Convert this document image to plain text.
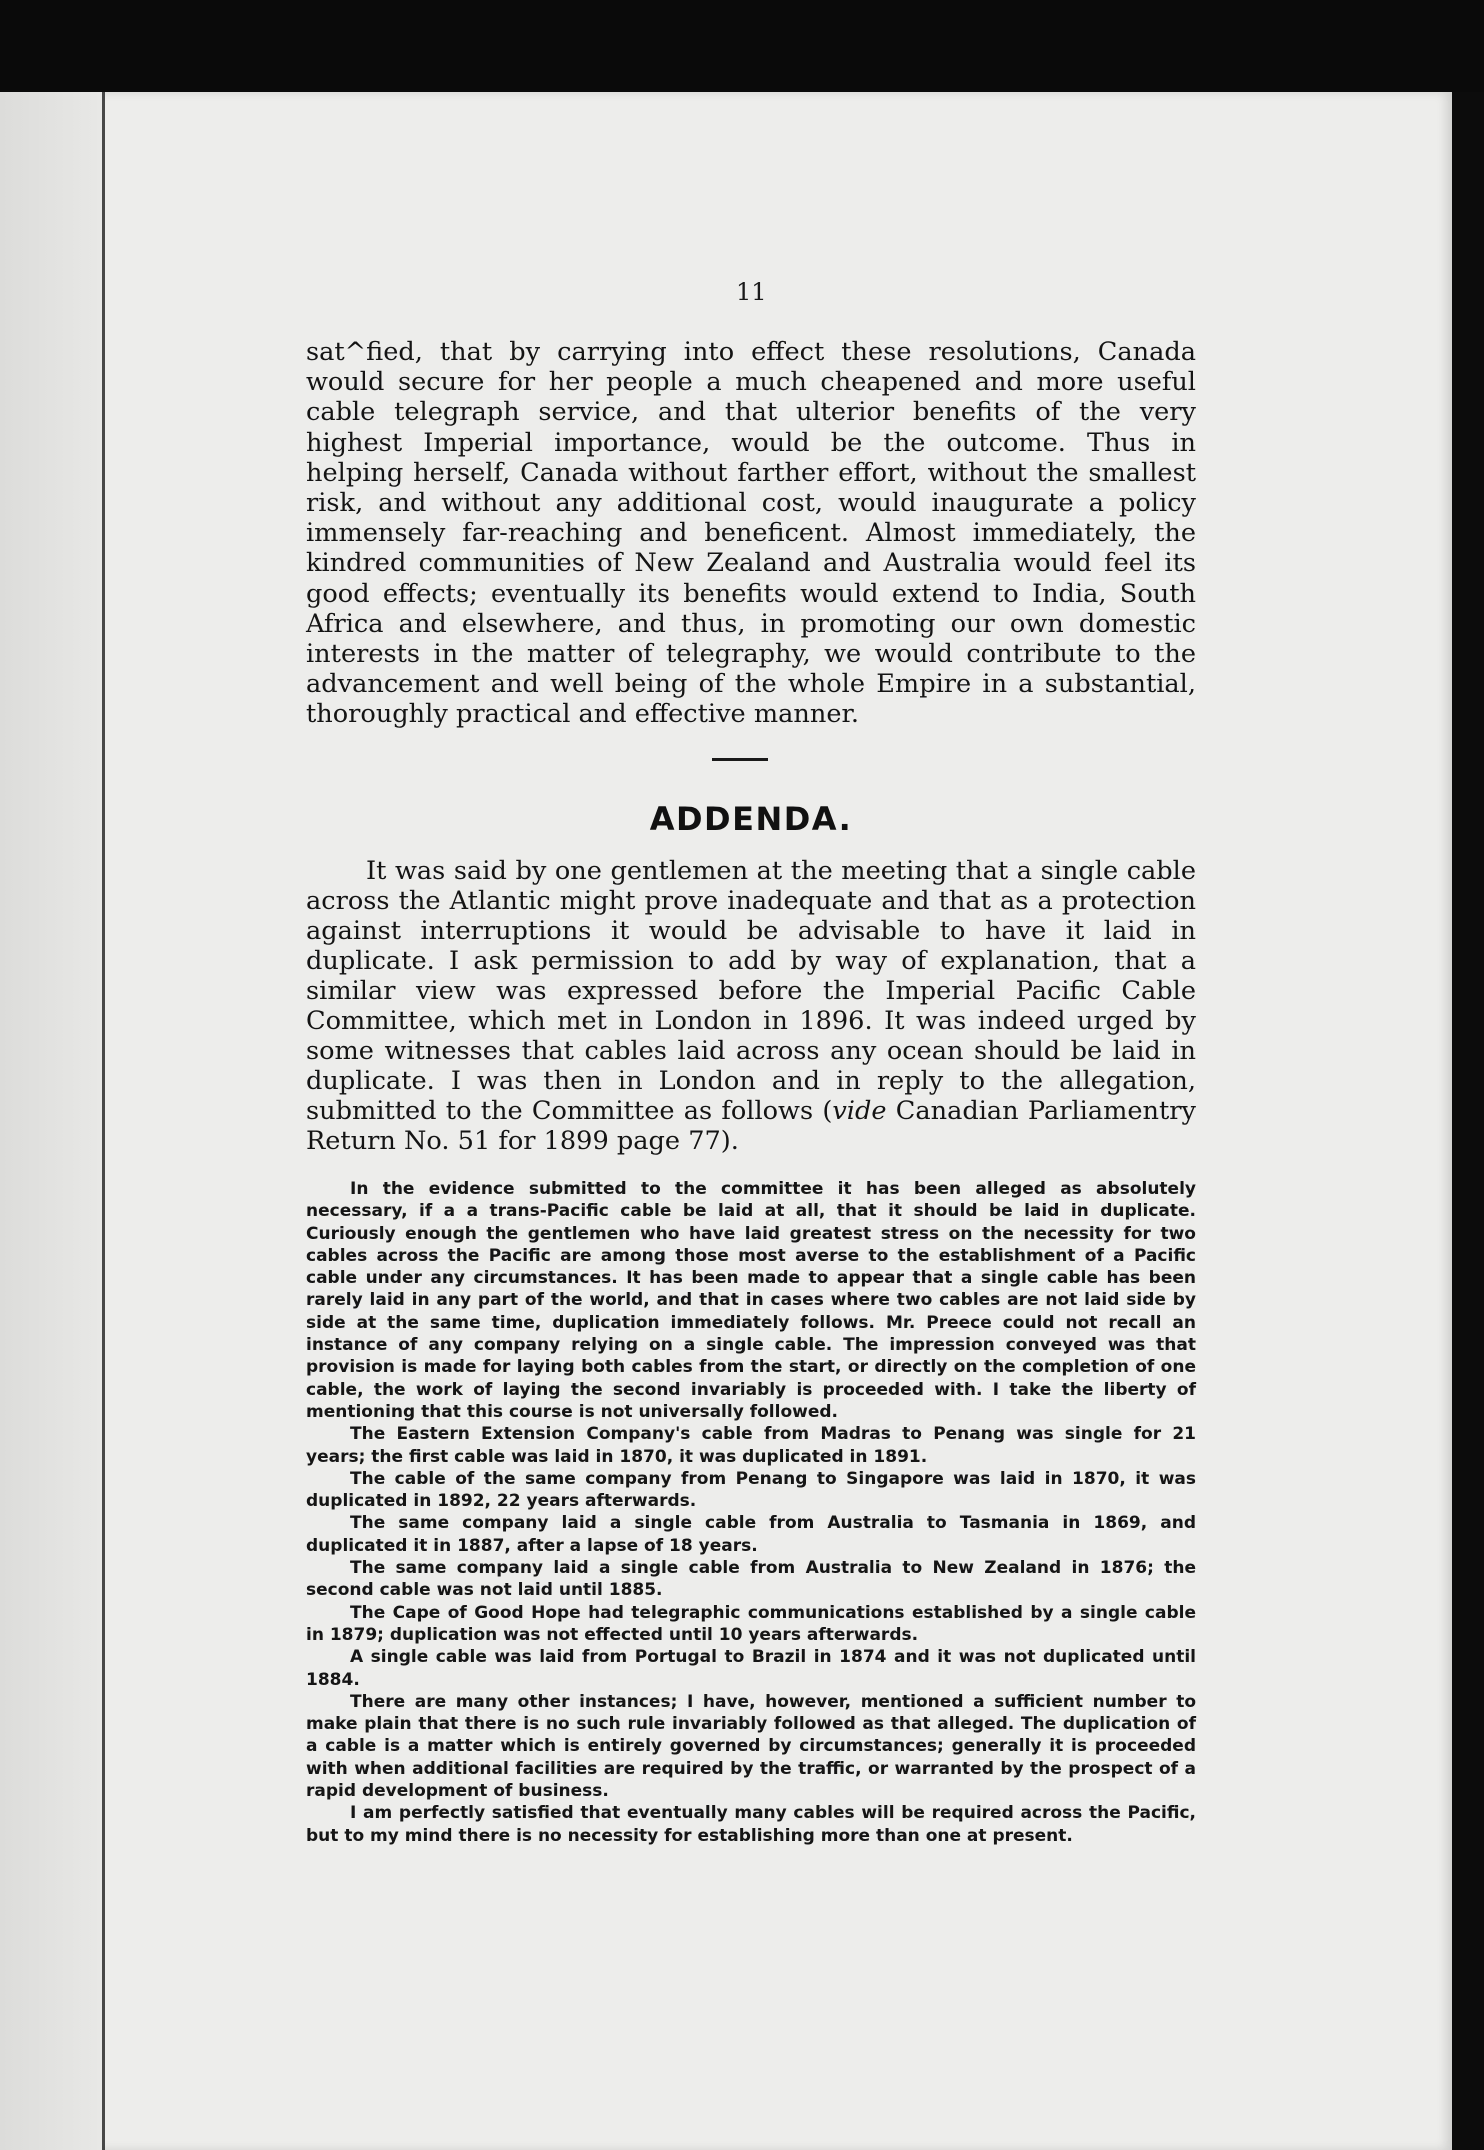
11

sat^fied, that by carrying into effect these resolutions, Canada would secure for her people a much cheapened and more useful cable telegraph service, and that ulterior benefits of the very highest Imperial importance, would be the outcome. Thus in helping herself, Canada without farther effort, without the smallest risk, and without any additional cost, would inaugurate a policy immensely far-reaching and beneficent. Almost immediately, the kindred communities of New Zealand and Australia would feel its good effects; eventually its benefits would extend to India, South Africa and elsewhere, and thus, in promoting our own domestic interests in the matter of telegraphy, we would contribute to the advancement and well being of the whole Empire in a substantial, thoroughly practical and effective manner.

ADDENDA.

It was said by one gentlemen at the meeting that a single cable across the Atlantic might prove inadequate and that as a protection against interruptions it would be advisable to have it laid in duplicate. I ask permission to add by way of explanation, that a similar view was expressed before the Imperial Pacific Cable Committee, which met in London in 1896. It was indeed urged by some witnesses that cables laid across any ocean should be laid in duplicate. I was then in London and in reply to the allegation, submitted to the Committee as follows (vide Canadian Parliamentry Return No. 51 for 1899 page 77).

In the evidence submitted to the committee it has been alleged as absolutely necessary, if a a trans-Pacific cable be laid at all, that it should be laid in duplicate. Curiously enough the gentlemen who have laid greatest stress on the necessity for two cables across the Pacific are among those most averse to the establishment of a Pacific cable under any circumstances. It has been made to appear that a single cable has been rarely laid in any part of the world, and that in cases where two cables are not laid side by side at the same time, duplication immediately follows. Mr. Preece could not recall an instance of any company relying on a single cable. The impression conveyed was that provision is made for laying both cables from the start, or directly on the completion of one cable, the work of laying the second invariably is proceeded with. I take the liberty of mentioning that this course is not universally followed.

The Eastern Extension Company's cable from Madras to Penang was single for 21 years; the first cable was laid in 1870, it was duplicated in 1891.

The cable of the same company from Penang to Singapore was laid in 1870, it was duplicated in 1892, 22 years afterwards.

The same company laid a single cable from Australia to Tasmania in 1869, and duplicated it in 1887, after a lapse of 18 years.

The same company laid a single cable from Australia to New Zealand in 1876; the second cable was not laid until 1885.

The Cape of Good Hope had telegraphic communications established by a single cable in 1879; duplication was not effected until 10 years afterwards.

A single cable was laid from Portugal to Brazil in 1874 and it was not duplicated until 1884.

There are many other instances; I have, however, mentioned a sufficient number to make plain that there is no such rule invariably followed as that alleged. The duplication of a cable is a matter which is entirely governed by circumstances; generally it is proceeded with when additional facilities are required by the traffic, or warranted by the prospect of a rapid development of business.

I am perfectly satisfied that eventually many cables will be required across the Pacific, but to my mind there is no necessity for establishing more than one at present.
